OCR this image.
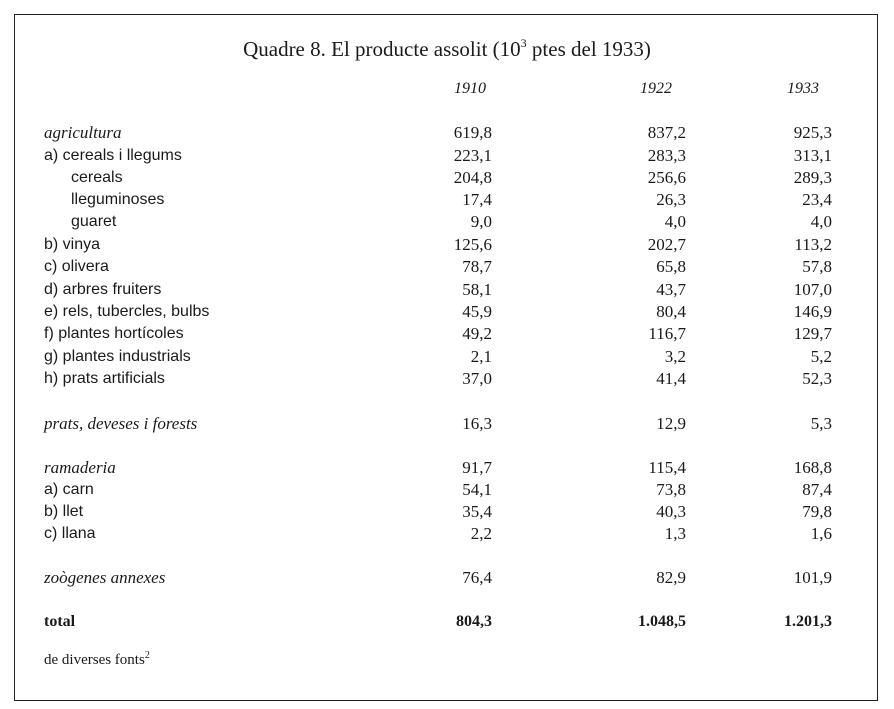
Quadre 8. El producte assolit ($10^3$ ptes del 1933)
1910	1922	1933
agricultura	619,8	837,2	925,3
a) cereals i llegums	223,1	283,3	313,1
cereals	204,8	256,6	289,3
lleguminoses	17,4	26,3	23,4
guaret	9,0	4,0	4,0
b) vinya	125,6	202,7	113,2
c) olivera	78,7	65,8	57,8
d) arbres fruiters	58,1	43,7	107,0
e) rels, tubercles, bulbs	45,9	80,4	146,9
f) plantes hortícoles	49,2	116,7	129,7
g) plantes industrials	2,1	3,2	5,2
h) prats artificials	37,0	41,4	52,3
prats, deveses i forests	16,3	12,9	5,3
ramaderia	91,7	115,4	168,8
a) carn	54,1	73,8	87,4
b) llet	35,4	40,3	79,8
c) llana	2,2	1,3	1,6
zoògenes annexes	76,4	82,9	101,9
total	804,3	1.048,5	1.201,3
de diverses fonts$^2$
